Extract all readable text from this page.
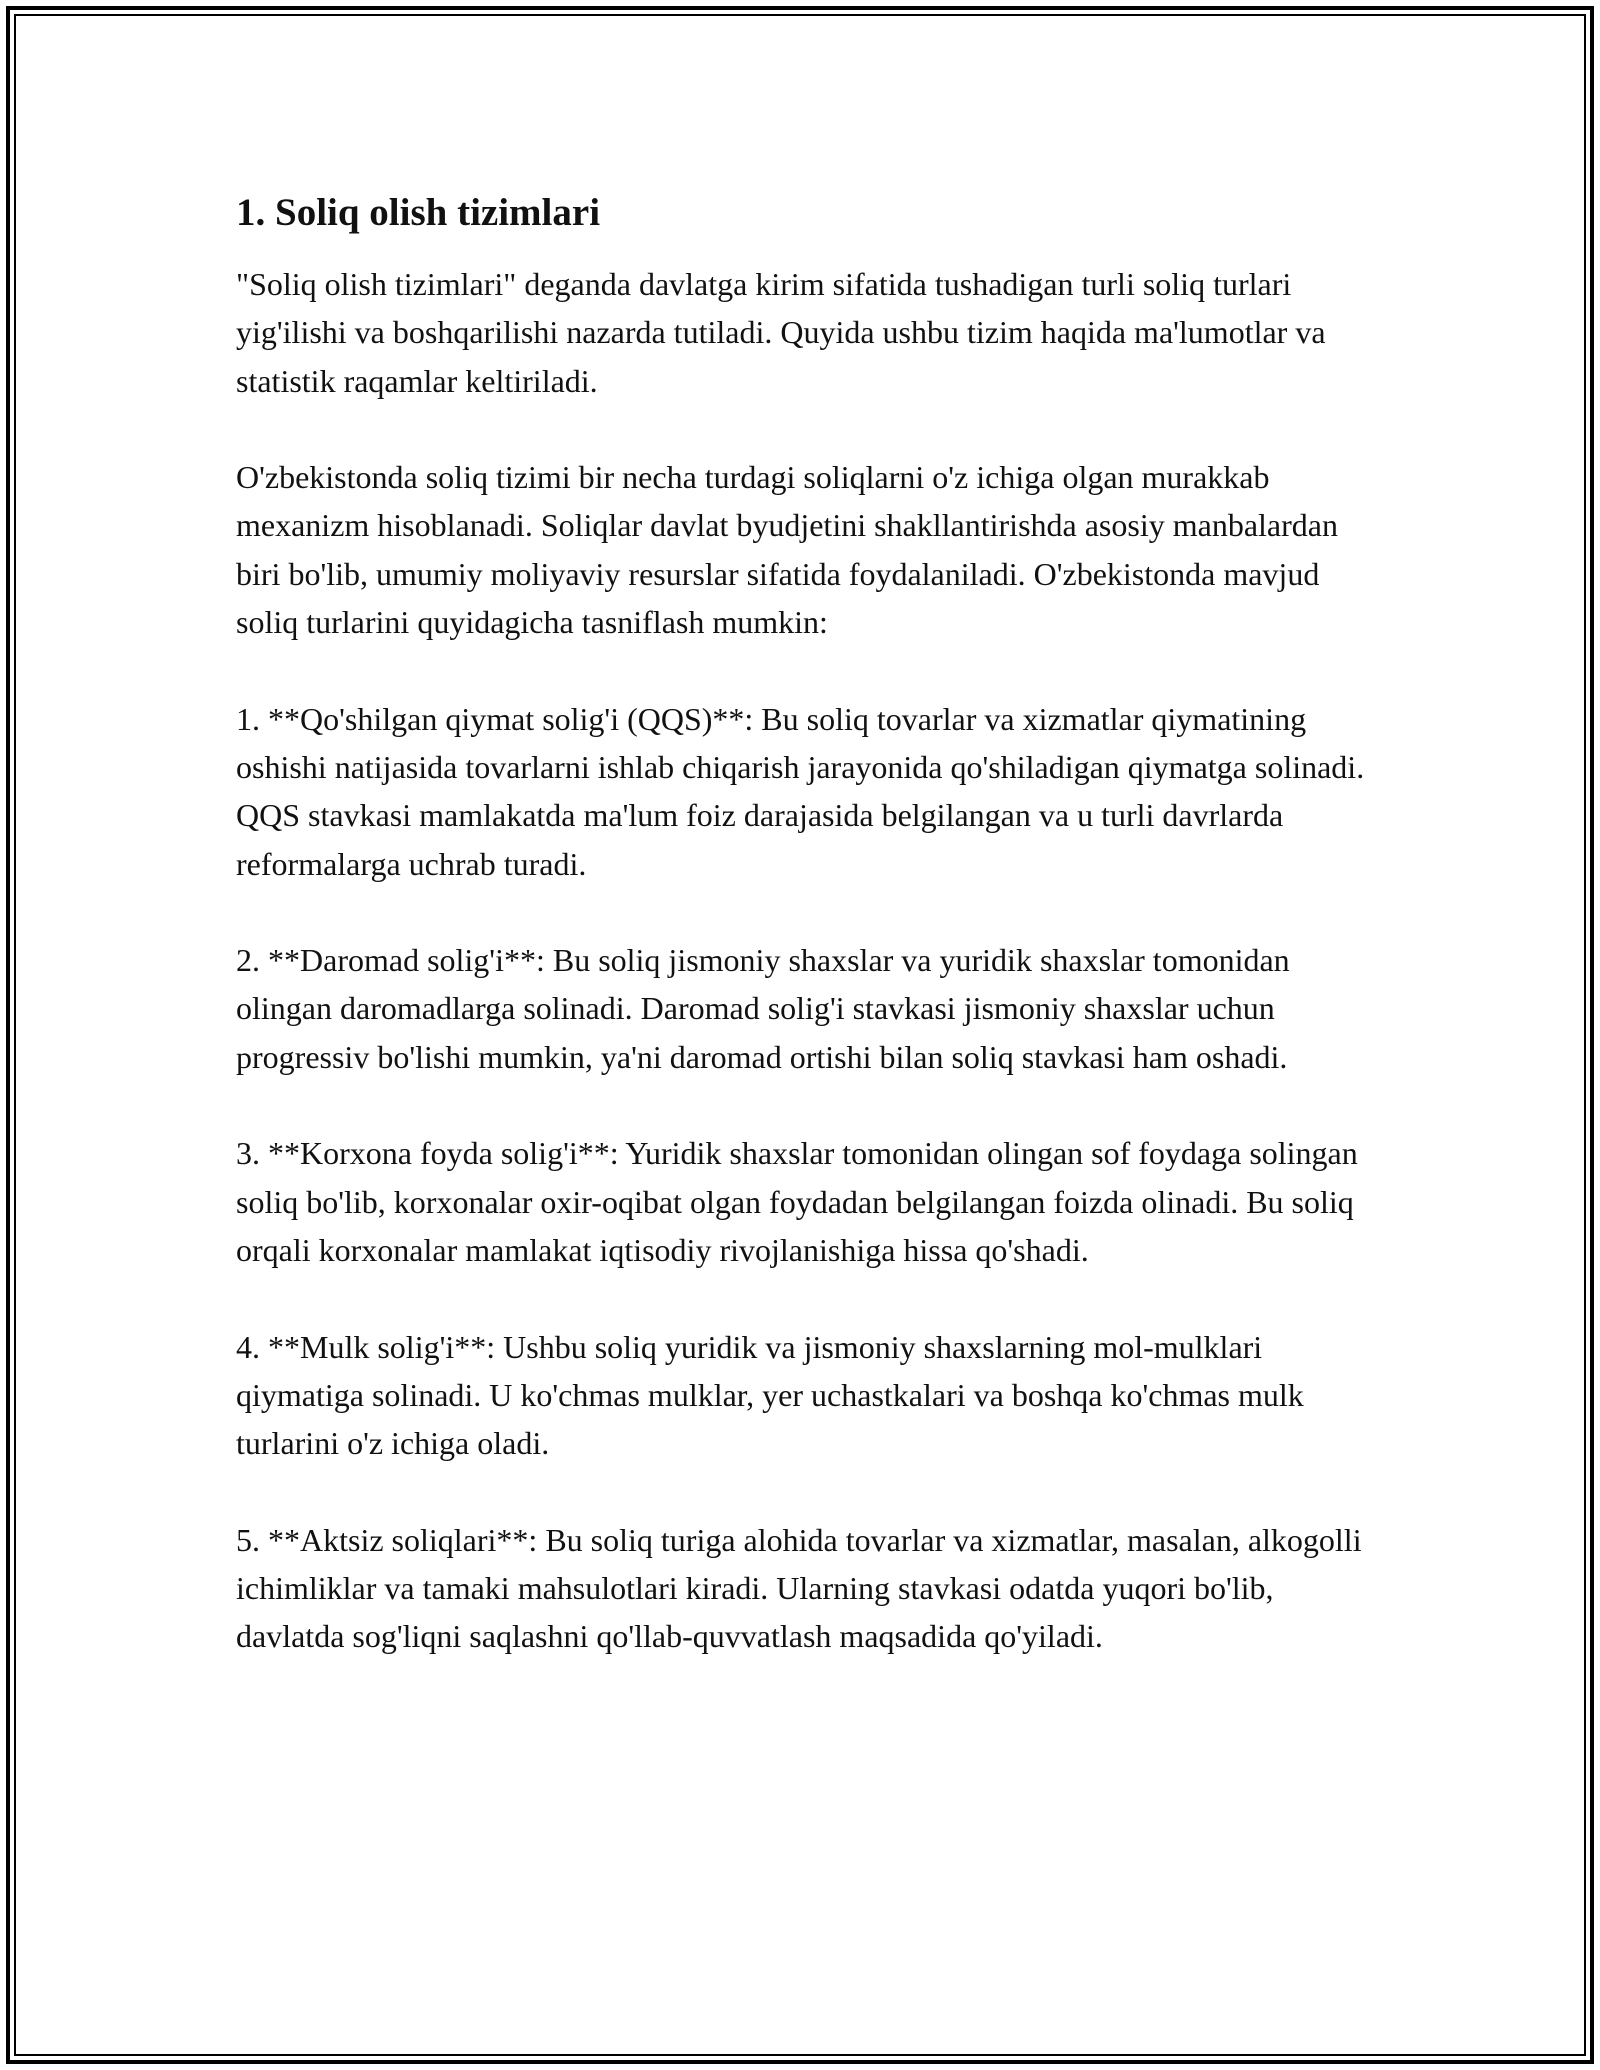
1. Soliq olish tizimlari

"Soliq olish tizimlari" deganda davlatga kirim sifatida tushadigan turli soliq turlari yig'ilishi va boshqarilishi nazarda tutiladi. Quyida ushbu tizim haqida ma'lumotlar va statistik raqamlar keltiriladi.

O'zbekistonda soliq tizimi bir necha turdagi soliqlarni o'z ichiga olgan murakkab mexanizm hisoblanadi. Soliqlar davlat byudjetini shakllantirishda asosiy manbalardan biri bo'lib, umumiy moliyaviy resurslar sifatida foydalaniladi. O'zbekistonda mavjud soliq turlarini quyidagicha tasniflash mumkin:

1. **Qo'shilgan qiymat solig'i (QQS)**: Bu soliq tovarlar va xizmatlar qiymatining oshishi natijasida tovarlarni ishlab chiqarish jarayonida qo'shiladigan qiymatga solinadi. QQS stavkasi mamlakatda ma'lum foiz darajasida belgilangan va u turli davrlarda reformalarga uchrab turadi.

2. **Daromad solig'i**: Bu soliq jismoniy shaxslar va yuridik shaxslar tomonidan olingan daromadlarga solinadi. Daromad solig'i stavkasi jismoniy shaxslar uchun progressiv bo'lishi mumkin, ya'ni daromad ortishi bilan soliq stavkasi ham oshadi.

3. **Korxona foyda solig'i**: Yuridik shaxslar tomonidan olingan sof foydaga solingan soliq bo'lib, korxonalar oxir-oqibat olgan foydadan belgilangan foizda olinadi. Bu soliq orqali korxonalar mamlakat iqtisodiy rivojlanishiga hissa qo'shadi.

4. **Mulk solig'i**: Ushbu soliq yuridik va jismoniy shaxslarning mol-mulklari qiymatiga solinadi. U ko'chmas mulklar, yer uchastkalari va boshqa ko'chmas mulk turlarini o'z ichiga oladi.

5. **Aktsiz soliqlari**: Bu soliq turiga alohida tovarlar va xizmatlar, masalan, alkogolli ichimliklar va tamaki mahsulotlari kiradi. Ularning stavkasi odatda yuqori bo'lib, davlatda sog'liqni saqlashni qo'llab-quvvatlash maqsadida qo'yiladi.
